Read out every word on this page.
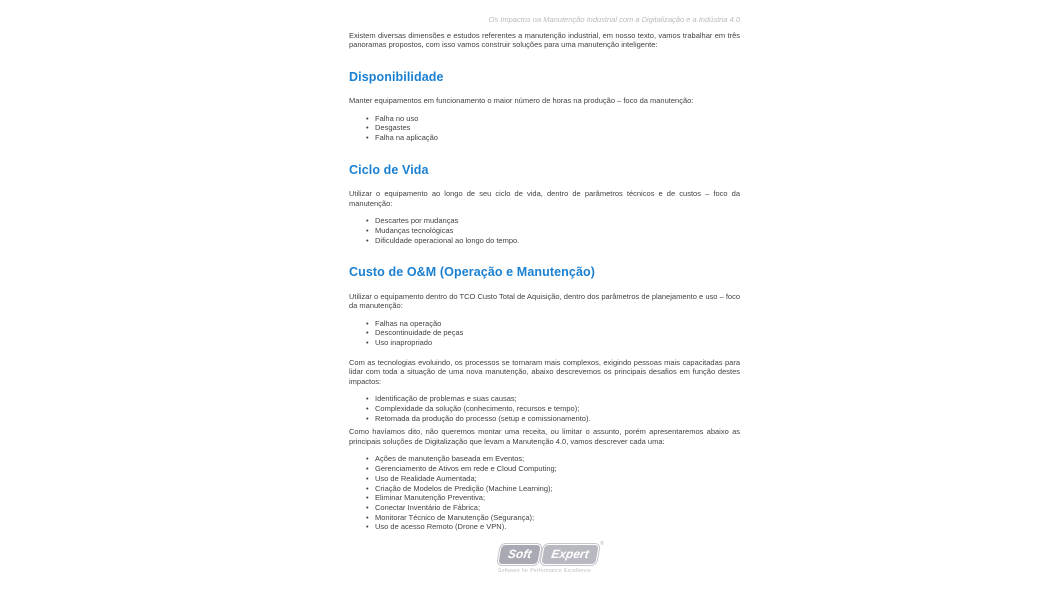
Os Impactos na Manutenção Industrial com a Digitalização e a Indústria 4.0

Existem diversas dimensões e estudos referentes a manutenção industrial, em nosso texto, vamos trabalhar em três panoramas propostos, com isso vamos construir soluções para uma manutenção inteligente:

Disponibilidade

Manter equipamentos em funcionamento o maior número de horas na produção – foco da manutenção:

• Falha no uso
• Desgastes
• Falha na aplicação
Ciclo de Vida

Utilizar o equipamento ao longo de seu ciclo de vida, dentro de parâmetros técnicos e de custos – foco da manutenção:

• Descartes por mudanças
• Mudanças tecnológicas
• Dificuldade operacional ao longo do tempo.
Custo de O&M (Operação e Manutenção)

Utilizar o equipamento dentro do TCO Custo Total de Aquisição, dentro dos parâmetros de planejamento e uso – foco da manutenção:

• Falhas na operação
• Descontinuidade de peças
• Uso inapropriado

Com as tecnologias evoluindo, os processos se tornaram mais complexos, exigindo pessoas mais capacitadas para lidar com toda a situação de uma nova manutenção, abaixo descrevemos os principais desafios em função destes impactos:

• Identificação de problemas e suas causas;
• Complexidade da solução (conhecimento, recursos e tempo);
• Retomada da produção do processo (setup e comissionamento).

Como havíamos dito, não queremos montar uma receita, ou limitar o assunto, porém apresentaremos abaixo as principais soluções de Digitalização que levam a Manutenção 4.0, vamos descrever cada uma:

• Ações de manutenção baseada em Eventos;
• Gerenciamento de Ativos em rede e Cloud Computing;
• Uso de Realidade Aumentada;
• Criação de Modelos de Predição (Machine Learning);
• Eliminar Manutenção Preventiva;
• Conectar Inventário de Fábrica;
• Monitorar Técnico de Manutenção (Segurança);
• Uso de acesso Remoto (Drone e VPN).
Soft	Expert
®
Software for Performance Excellence
